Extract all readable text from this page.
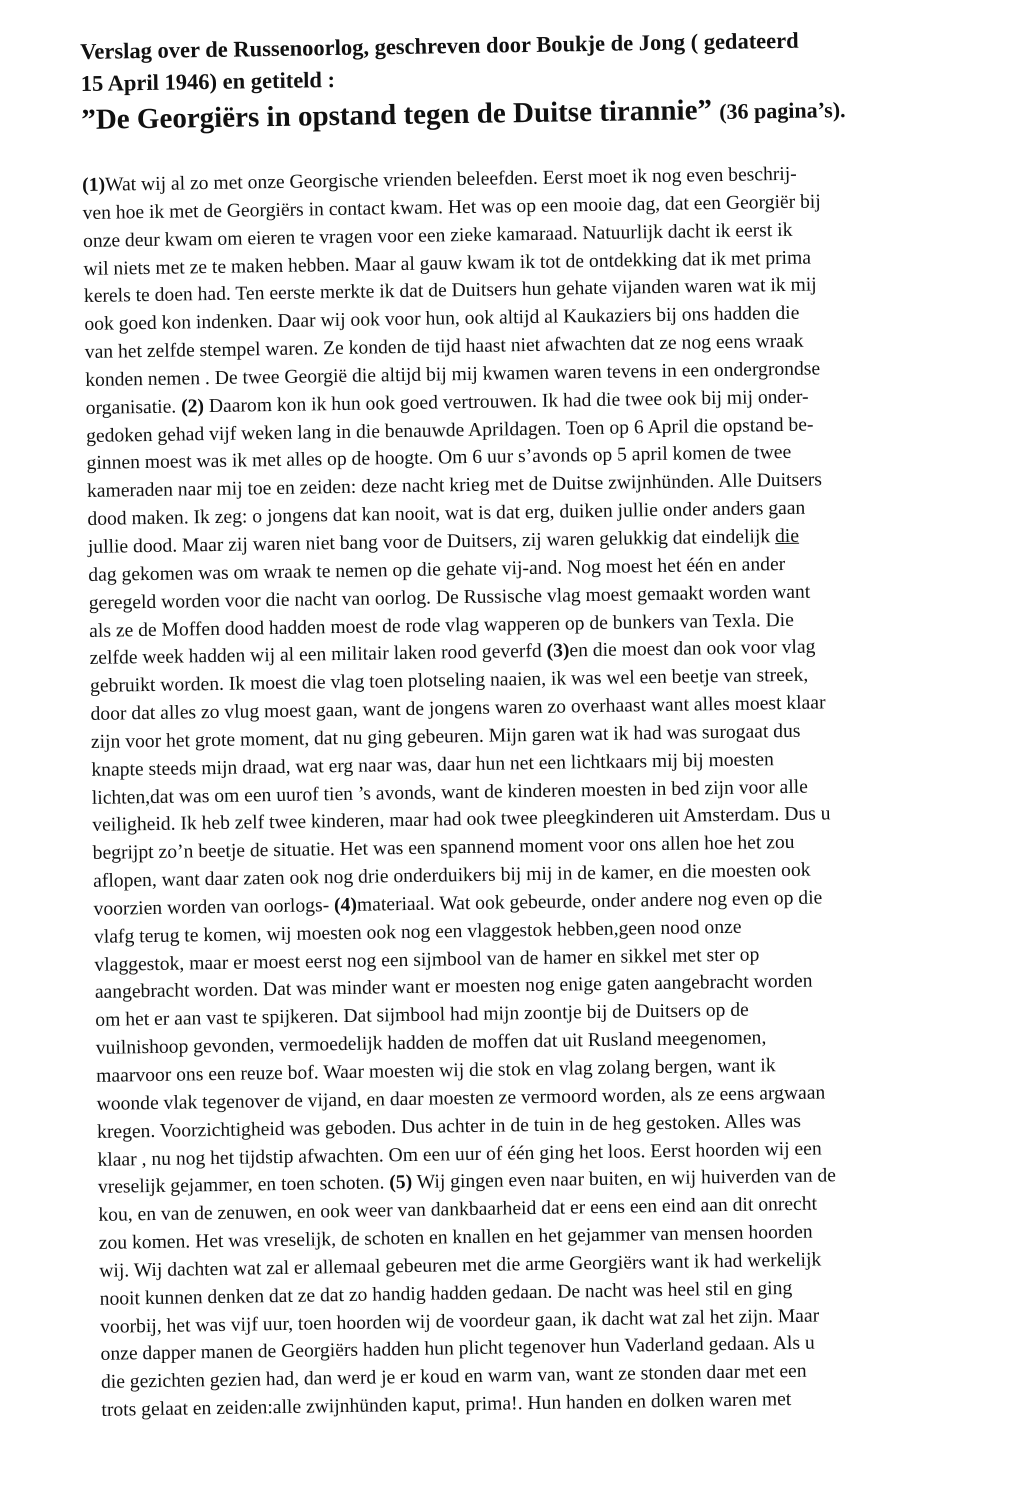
Verslag over de Russenoorlog, geschreven door Boukje de Jong ( gedateerd
15 April 1946) en getiteld :
”De Georgiërs in opstand tegen de Duitse tirannie” (36 pagina’s).
(1)Wat wij al zo met onze Georgische vrienden beleefden. Eerst moet ik nog even beschrij-
ven hoe ik met de Georgiërs in contact kwam. Het was op een mooie dag, dat een Georgiër bij
onze deur kwam om eieren te vragen voor een zieke kamaraad. Natuurlijk dacht ik eerst ik
wil niets met ze te maken hebben. Maar al gauw kwam ik tot de ontdekking dat ik met prima
kerels te doen had. Ten eerste merkte ik dat de Duitsers hun gehate vijanden waren wat ik mij
ook goed kon indenken. Daar wij ook voor hun, ook altijd al Kaukaziers bij ons hadden die
van het zelfde stempel waren. Ze konden de tijd haast niet afwachten dat ze nog eens wraak
konden nemen . De twee Georgië die altijd bij mij kwamen waren tevens in een ondergrondse
organisatie. (2) Daarom kon ik hun ook goed vertrouwen. Ik had die twee ook bij mij onder-
gedoken gehad vijf weken lang in die benauwde Aprildagen. Toen op 6 April die opstand be-
ginnen moest was ik met alles op de hoogte. Om 6 uur s’avonds op 5 april komen de twee
kameraden naar mij toe en zeiden: deze nacht krieg met de Duitse zwijnhünden. Alle Duitsers
dood maken. Ik zeg: o jongens dat kan nooit, wat is dat erg, duiken jullie onder anders gaan
jullie dood. Maar zij waren niet bang voor de Duitsers, zij waren gelukkig dat eindelijk die
dag gekomen was om wraak te nemen op die gehate vij-and. Nog moest het één en ander
geregeld worden voor die nacht van oorlog. De Russische vlag moest gemaakt worden want
als ze de Moffen dood hadden moest de rode vlag wapperen op de bunkers van Texla. Die
zelfde week hadden wij al een militair laken rood geverfd (3)en die moest dan ook voor vlag
gebruikt worden. Ik moest die vlag toen plotseling naaien, ik was wel een beetje van streek,
door dat alles zo vlug moest gaan, want de jongens waren zo overhaast want alles moest klaar
zijn voor het grote moment, dat nu ging gebeuren. Mijn garen wat ik had was surogaat dus
knapte steeds mijn draad, wat erg naar was, daar hun net een lichtkaars mij bij moesten
lichten,dat was om een uurof tien ’s avonds, want de kinderen moesten in bed zijn voor alle
veiligheid. Ik heb zelf twee kinderen, maar had ook twee pleegkinderen uit Amsterdam. Dus u
begrijpt zo’n beetje de situatie. Het was een spannend moment voor ons allen hoe het zou
aflopen, want daar zaten ook nog drie onderduikers bij mij in de kamer, en die moesten ook
voorzien worden van oorlogs- (4)materiaal. Wat ook gebeurde, onder andere nog even op die
vlafg terug te komen, wij moesten ook nog een vlaggestok hebben,geen nood onze
vlaggestok, maar er moest eerst nog een sijmbool van de hamer en sikkel met ster op
aangebracht worden. Dat was minder want er moesten nog enige gaten aangebracht worden
om het er aan vast te spijkeren. Dat sijmbool had mijn zoontje bij de Duitsers op de
vuilnishoop gevonden, vermoedelijk hadden de moffen dat uit Rusland meegenomen,
maarvoor ons een reuze bof. Waar moesten wij die stok en vlag zolang bergen, want ik
woonde vlak tegenover de vijand, en daar moesten ze vermoord worden, als ze eens argwaan
kregen. Voorzichtigheid was geboden. Dus achter in de tuin in de heg gestoken. Alles was
klaar , nu nog het tijdstip afwachten. Om een uur of één ging het loos. Eerst hoorden wij een
vreselijk gejammer, en toen schoten. (5) Wij gingen even naar buiten, en wij huiverden van de
kou, en van de zenuwen, en ook weer van dankbaarheid dat er eens een eind aan dit onrecht
zou komen. Het was vreselijk, de schoten en knallen en het gejammer van mensen hoorden
wij. Wij dachten wat zal er allemaal gebeuren met die arme Georgiërs want ik had werkelijk
nooit kunnen denken dat ze dat zo handig hadden gedaan. De nacht was heel stil en ging
voorbij, het was vijf uur, toen hoorden wij de voordeur gaan, ik dacht wat zal het zijn. Maar
onze dapper manen de Georgiërs hadden hun plicht tegenover hun Vaderland gedaan. Als u
die gezichten gezien had, dan werd je er koud en warm van, want ze stonden daar met een
trots gelaat en zeiden:alle zwijnhünden kaput, prima!. Hun handen en dolken waren met
